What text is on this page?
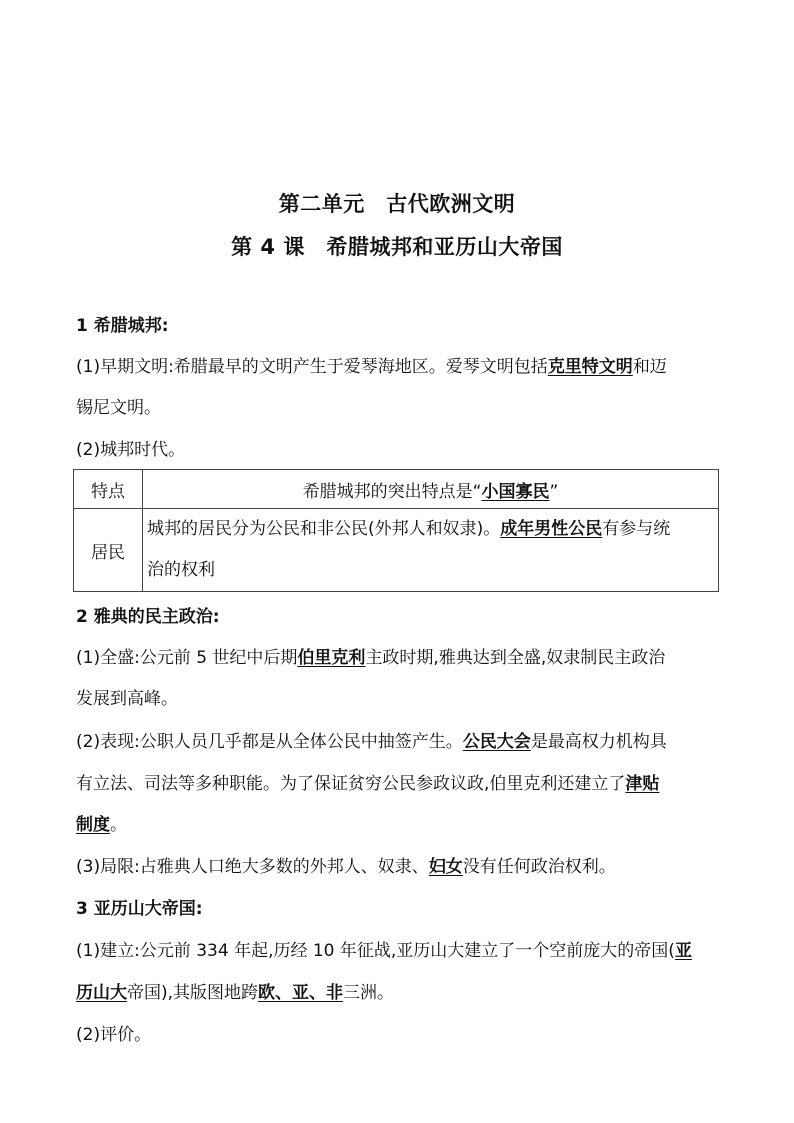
第二单元　古代欧洲文明
第 4 课　希腊城邦和亚历山大帝国
1 希腊城邦:
(1)早期文明:希腊最早的文明产生于爱琴海地区。爱琴文明包括克里特文明和迈
锡尼文明。
(2)城邦时代。
特点	希腊城邦的突出特点是“小国寡民”
居民	城邦的居民分为公民和非公民(外邦人和奴隶)。成年男性公民有参与统
治的权利
2 雅典的民主政治:
(1)全盛:公元前 5 世纪中后期伯里克利主政时期,雅典达到全盛,奴隶制民主政治
发展到高峰。
(2)表现:公职人员几乎都是从全体公民中抽签产生。公民大会是最高权力机构具
有立法、司法等多种职能。为了保证贫穷公民参政议政,伯里克利还建立了津贴
制度。
(3)局限:占雅典人口绝大多数的外邦人、奴隶、妇女没有任何政治权利。
3 亚历山大帝国:
(1)建立:公元前 334 年起,历经 10 年征战,亚历山大建立了一个空前庞大的帝国(亚
历山大帝国),其版图地跨欧、亚、非三洲。
(2)评价。
